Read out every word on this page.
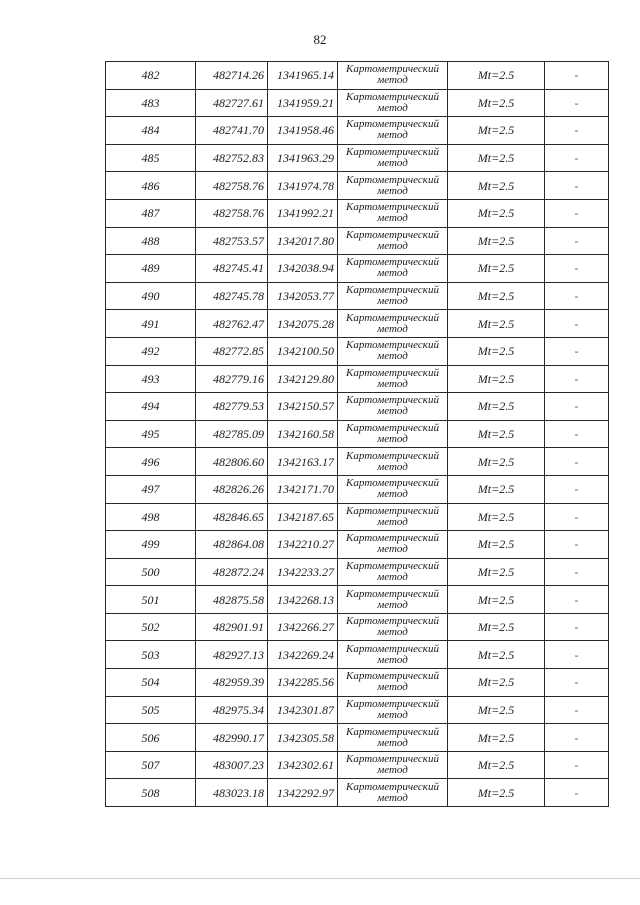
82
482	482714.26	1341965.14	Картометрический
метод	Mt=2.5	-
483	482727.61	1341959.21	Картометрический
метод	Mt=2.5	-
484	482741.70	1341958.46	Картометрический
метод	Mt=2.5	-
485	482752.83	1341963.29	Картометрический
метод	Mt=2.5	-
486	482758.76	1341974.78	Картометрический
метод	Mt=2.5	-
487	482758.76	1341992.21	Картометрический
метод	Mt=2.5	-
488	482753.57	1342017.80	Картометрический
метод	Mt=2.5	-
489	482745.41	1342038.94	Картометрический
метод	Mt=2.5	-
490	482745.78	1342053.77	Картометрический
метод	Mt=2.5	-
491	482762.47	1342075.28	Картометрический
метод	Mt=2.5	-
492	482772.85	1342100.50	Картометрический
метод	Mt=2.5	-
493	482779.16	1342129.80	Картометрический
метод	Mt=2.5	-
494	482779.53	1342150.57	Картометрический
метод	Mt=2.5	-
495	482785.09	1342160.58	Картометрический
метод	Mt=2.5	-
496	482806.60	1342163.17	Картометрический
метод	Mt=2.5	-
497	482826.26	1342171.70	Картометрический
метод	Mt=2.5	-
498	482846.65	1342187.65	Картометрический
метод	Mt=2.5	-
499	482864.08	1342210.27	Картометрический
метод	Mt=2.5	-
500	482872.24	1342233.27	Картометрический
метод	Mt=2.5	-
501	482875.58	1342268.13	Картометрический
метод	Mt=2.5	-
502	482901.91	1342266.27	Картометрический
метод	Mt=2.5	-
503	482927.13	1342269.24	Картометрический
метод	Mt=2.5	-
504	482959.39	1342285.56	Картометрический
метод	Mt=2.5	-
505	482975.34	1342301.87	Картометрический
метод	Mt=2.5	-
506	482990.17	1342305.58	Картометрический
метод	Mt=2.5	-
507	483007.23	1342302.61	Картометрический
метод	Mt=2.5	-
508	483023.18	1342292.97	Картометрический
метод	Mt=2.5	-
